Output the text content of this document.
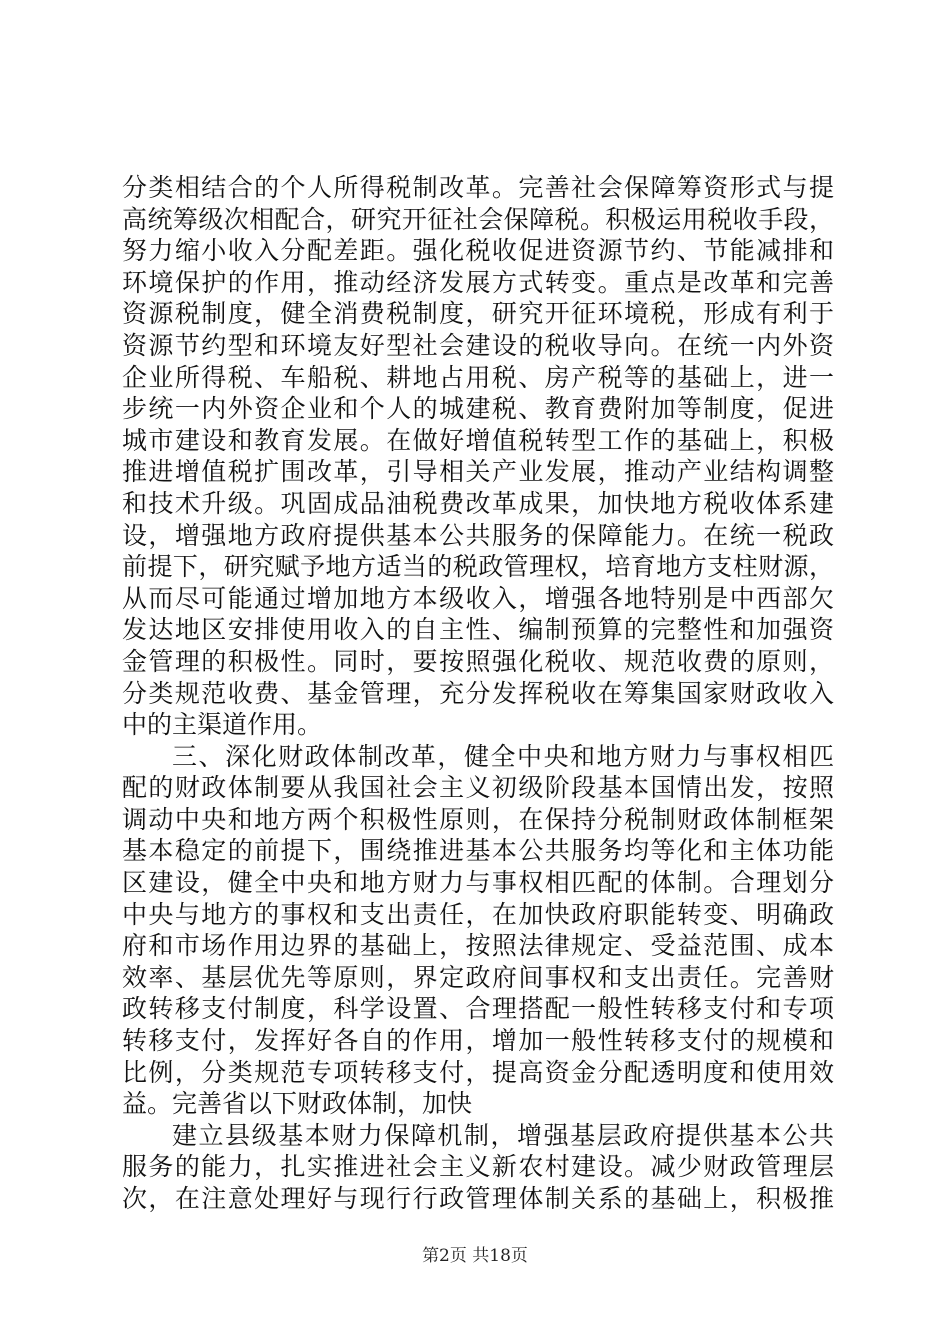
分类相结合的个人所得税制改革。完善社会保障筹资形式与提
高统筹级次相配合，研究开征社会保障税。积极运用税收手段，
努力缩小收入分配差距。强化税收促进资源节约、节能减排和
环境保护的作用，推动经济发展方式转变。重点是改革和完善
资源税制度，健全消费税制度，研究开征环境税，形成有利于
资源节约型和环境友好型社会建设的税收导向。在统一内外资
企业所得税、车船税、耕地占用税、房产税等的基础上，进一
步统一内外资企业和个人的城建税、教育费附加等制度，促进
城市建设和教育发展。在做好增值税转型工作的基础上，积极
推进增值税扩围改革，引导相关产业发展，推动产业结构调整
和技术升级。巩固成品油税费改革成果，加快地方税收体系建
设，增强地方政府提供基本公共服务的保障能力。在统一税政
前提下，研究赋予地方适当的税政管理权，培育地方支柱财源，
从而尽可能通过增加地方本级收入，增强各地特别是中西部欠
发达地区安排使用收入的自主性、编制预算的完整性和加强资
金管理的积极性。同时，要按照强化税收、规范收费的原则，
分类规范收费、基金管理，充分发挥税收在筹集国家财政收入
中的主渠道作用。
三、深化财政体制改革，健全中央和地方财力与事权相匹
配的财政体制要从我国社会主义初级阶段基本国情出发，按照
调动中央和地方两个积极性原则，在保持分税制财政体制框架
基本稳定的前提下，围绕推进基本公共服务均等化和主体功能
区建设，健全中央和地方财力与事权相匹配的体制。合理划分
中央与地方的事权和支出责任，在加快政府职能转变、明确政
府和市场作用边界的基础上，按照法律规定、受益范围、成本
效率、基层优先等原则，界定政府间事权和支出责任。完善财
政转移支付制度，科学设置、合理搭配一般性转移支付和专项
转移支付，发挥好各自的作用，增加一般性转移支付的规模和
比例，分类规范专项转移支付，提高资金分配透明度和使用效
益。完善省以下财政体制，加快
建立县级基本财力保障机制，增强基层政府提供基本公共
服务的能力，扎实推进社会主义新农村建设。减少财政管理层
次，在注意处理好与现行行政管理体制关系的基础上，积极推
第2页 共18页
